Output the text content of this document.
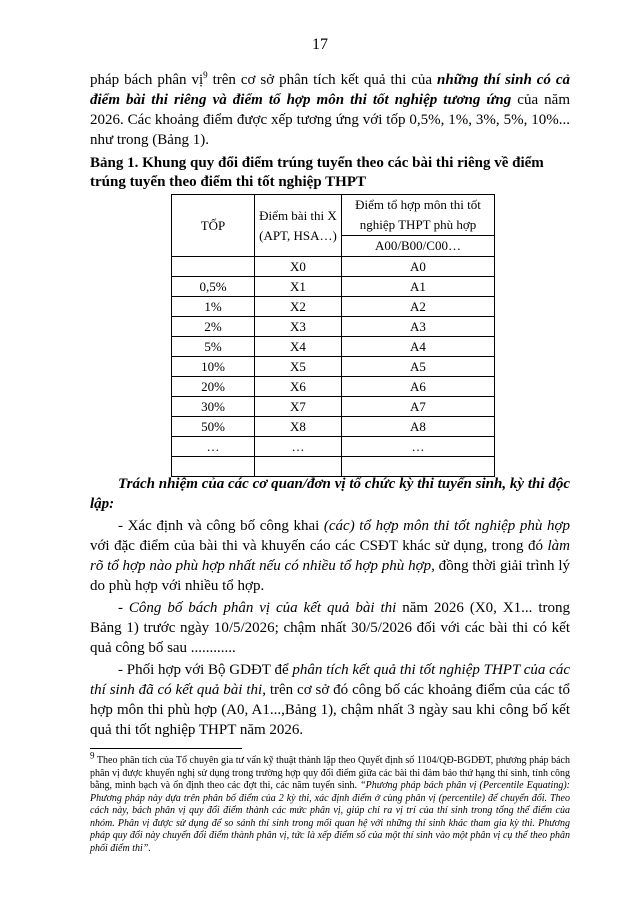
17
pháp bách phân vị$^9$ trên cơ sở phân tích kết quả thi của những thí sinh có cả điểm bài thi riêng và điểm tổ hợp môn thi tốt nghiệp tương ứng của năm 2026. Các khoảng điểm được xếp tương ứng với tốp 0,5%, 1%, 3%, 5%, 10%... như trong (Bảng 1).
Bảng 1. Khung quy đổi điểm trúng tuyển theo các bài thi riêng về điểm trúng tuyển theo điểm thi tốt nghiệp THPT
TỐP	Điểm bài thi X (APT, HSA…)	Điểm tổ hợp môn thi tốt nghiệp THPT phù hợp
		A00/B00/C00…
	X0	A0
0,5%	X1	A1
1%	X2	A2
2%	X3	A3
5%	X4	A4
10%	X5	A5
20%	X6	A6
30%	X7	A7
50%	X8	A8
…	…	…

Trách nhiệm của các cơ quan/đơn vị tổ chức kỳ thi tuyển sinh, kỳ thi độc lập:
- Xác định và công bố công khai (các) tổ hợp môn thi tốt nghiệp phù hợp với đặc điểm của bài thi và khuyến cáo các CSĐT khác sử dụng, trong đó làm rõ tổ hợp nào phù hợp nhất nếu có nhiều tổ hợp phù hợp, đồng thời giải trình lý do phù hợp với nhiều tổ hợp.
- Công bố bách phân vị của kết quả bài thi năm 2026 (X0, X1... trong Bảng 1) trước ngày 10/5/2026; chậm nhất 30/5/2026 đối với các bài thi có kết quả công bố sau ............
- Phối hợp với Bộ GDĐT để phân tích kết quả thi tốt nghiệp THPT của các thí sinh đã có kết quả bài thi, trên cơ sở đó công bố các khoảng điểm của các tổ hợp môn thi phù hợp (A0, A1...,Bảng 1), chậm nhất 3 ngày sau khi công bố kết quả thi tốt nghiệp THPT năm 2026.
$^9$ Theo phân tích của Tổ chuyên gia tư vấn kỹ thuật thành lập theo Quyết định số 1104/QĐ-BGDĐT, phương pháp bách phân vị được khuyến nghị sử dụng trong trường hợp quy đổi điểm giữa các bài thi đảm bảo thứ hạng thí sinh, tính công bằng, minh bạch và ổn định theo các đợt thi, các năm tuyển sinh. “Phương pháp bách phân vị (Percentile Equating): Phương pháp này dựa trên phân bố điểm của 2 kỳ thi, xác định điểm ở cùng phân vị (percentile) để chuyển đổi. Theo cách này, bách phân vị quy đổi điểm thành các mức phân vị, giúp chỉ ra vị trí của thí sinh trong tổng thể điểm của nhóm. Phân vị được sử dụng để so sánh thí sinh trong mối quan hệ với những thí sinh khác tham gia kỳ thi. Phương pháp quy đổi này chuyển đổi điểm thành phân vị, tức là xếp điểm số của một thí sinh vào một phân vị cụ thể theo phân phối điểm thi”.
